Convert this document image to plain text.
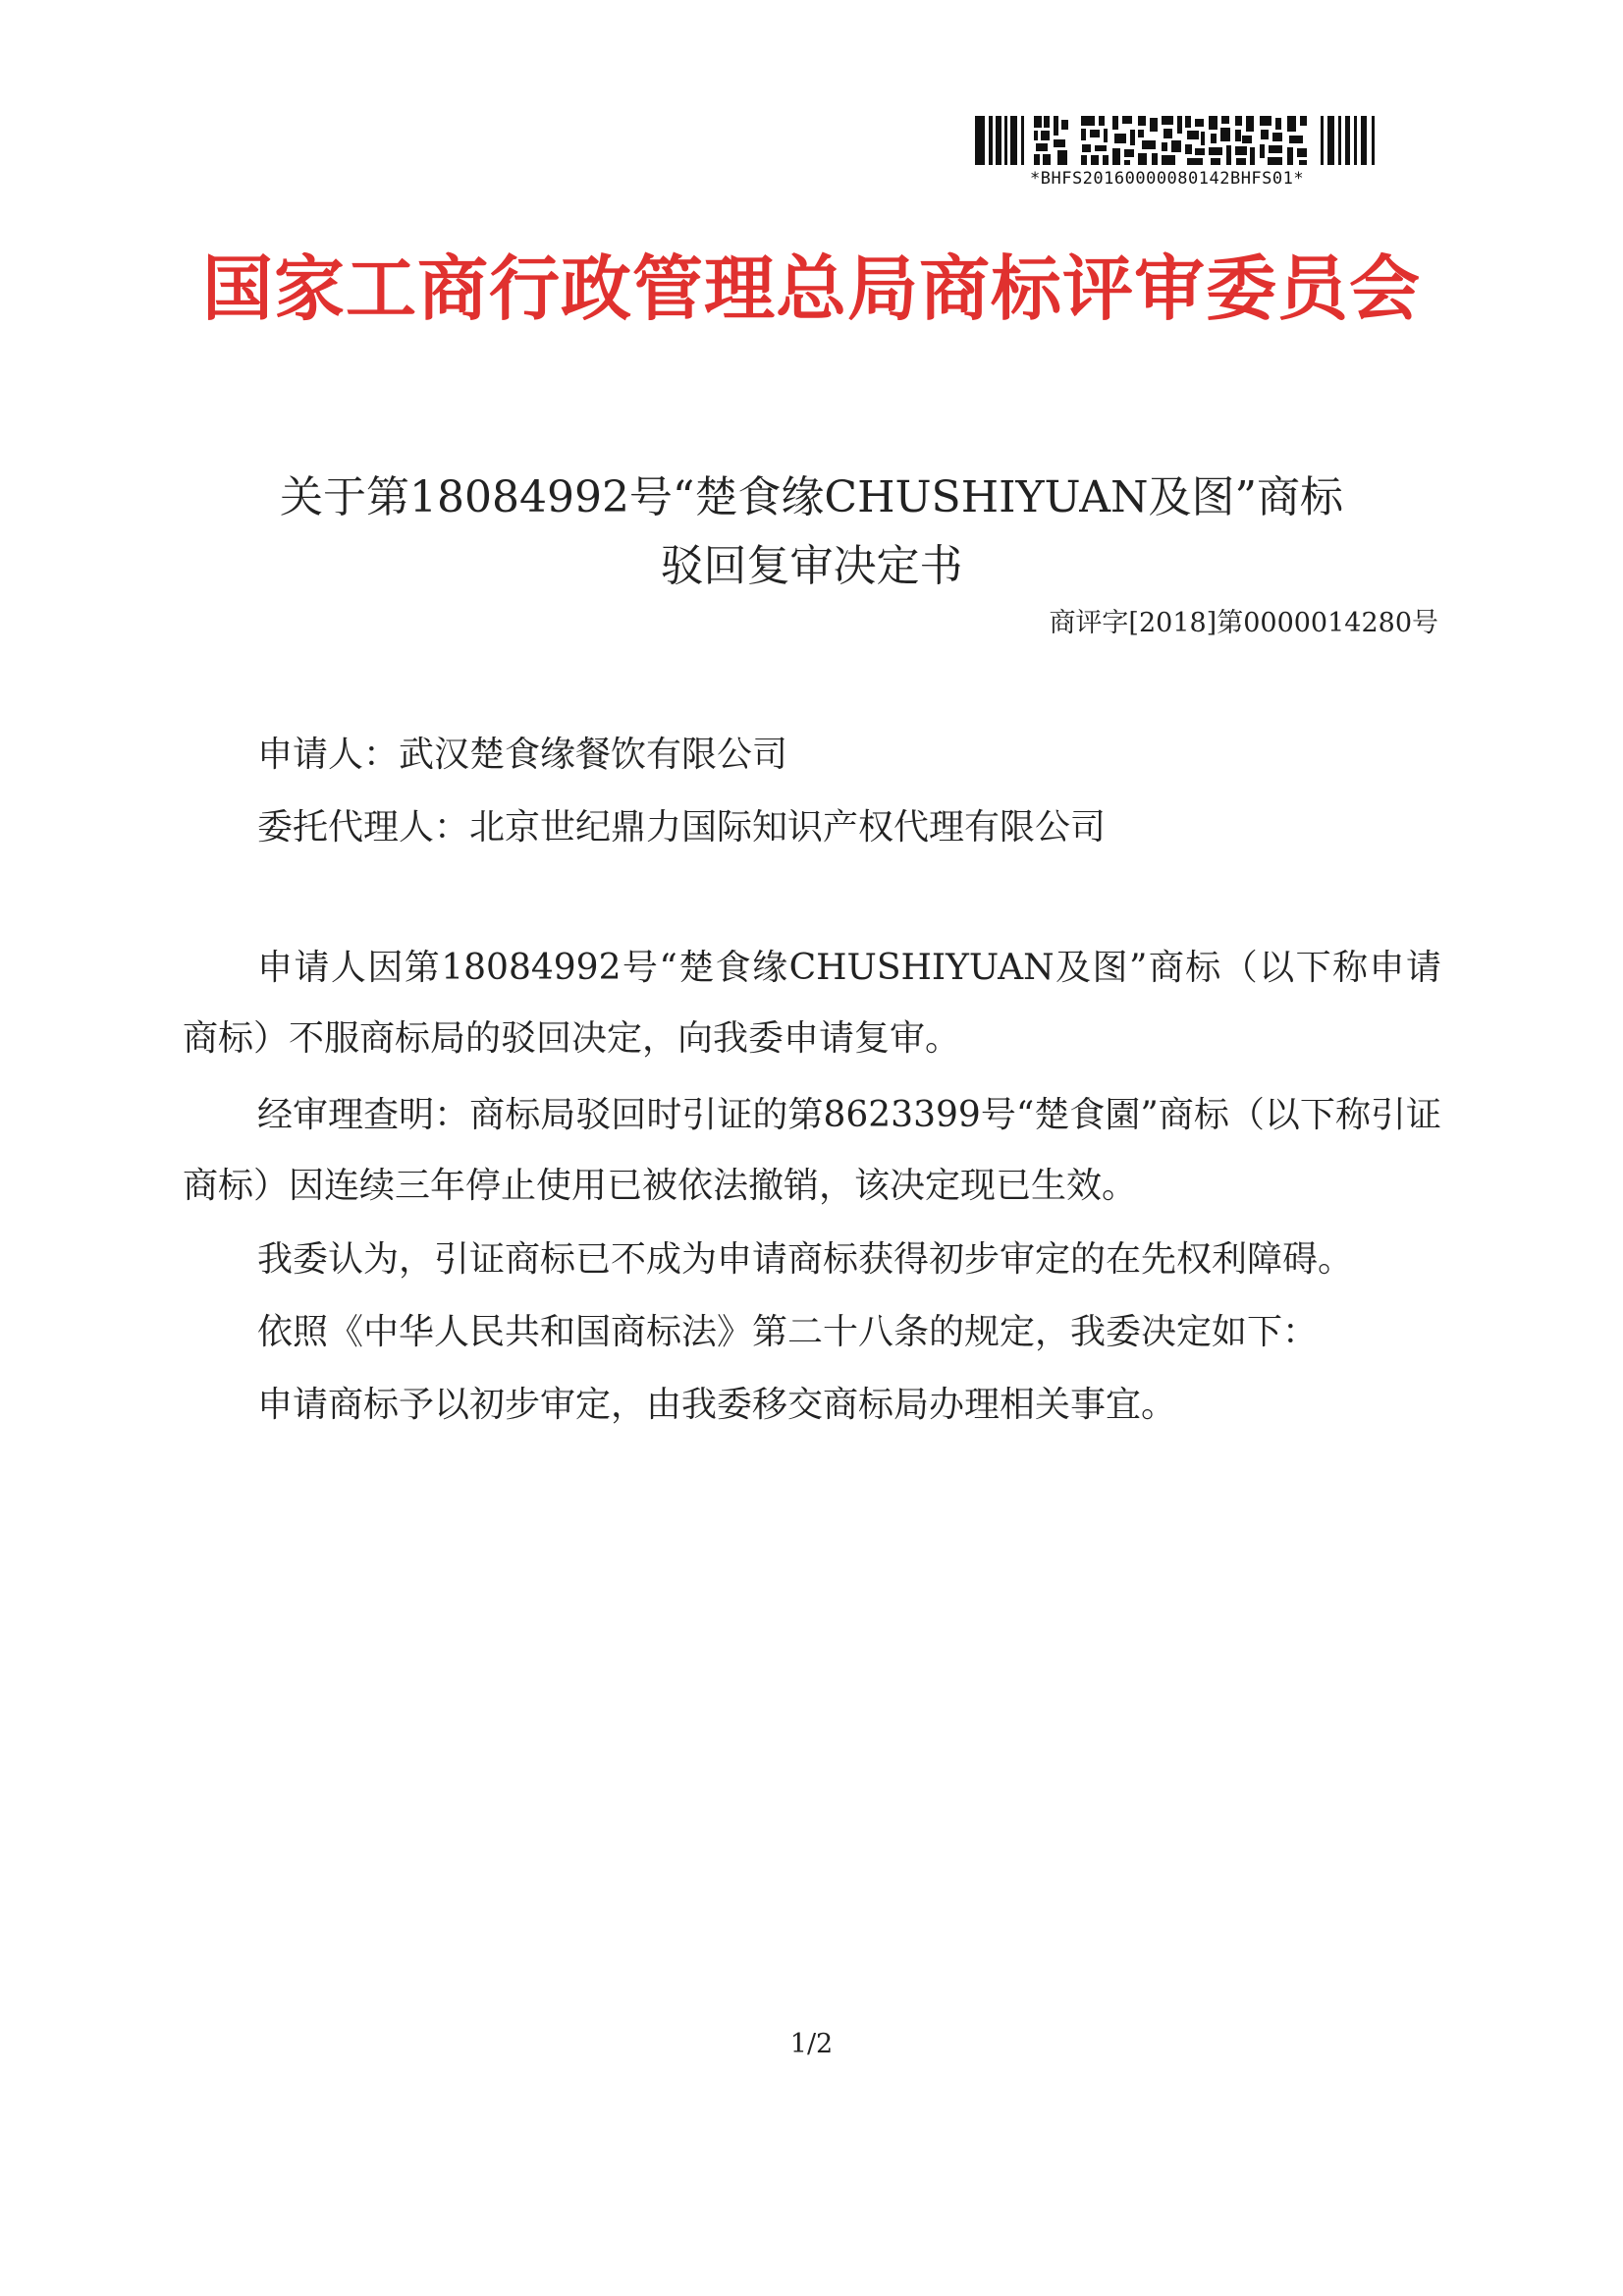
*BHFS20160000080142BHFS01*
国家工商行政管理总局商标评审委员会
关于第18084992号“楚食缘CHUSHIYUAN及图”商标
驳回复审决定书
商评字[2018]第0000014280号
申请人：武汉楚食缘餐饮有限公司
委托代理人：北京世纪鼎力国际知识产权代理有限公司
申请人因第18084992号“楚食缘CHUSHIYUAN及图”商标（以下称申请商标）不服商标局的驳回决定，向我委申请复审。
经审理查明：商标局驳回时引证的第8623399号“楚食園”商标（以下称引证商标）因连续三年停止使用已被依法撤销，该决定现已生效。
我委认为，引证商标已不成为申请商标获得初步审定的在先权利障碍。
依照《中华人民共和国商标法》第二十八条的规定，我委决定如下：
申请商标予以初步审定，由我委移交商标局办理相关事宜。
1/2
